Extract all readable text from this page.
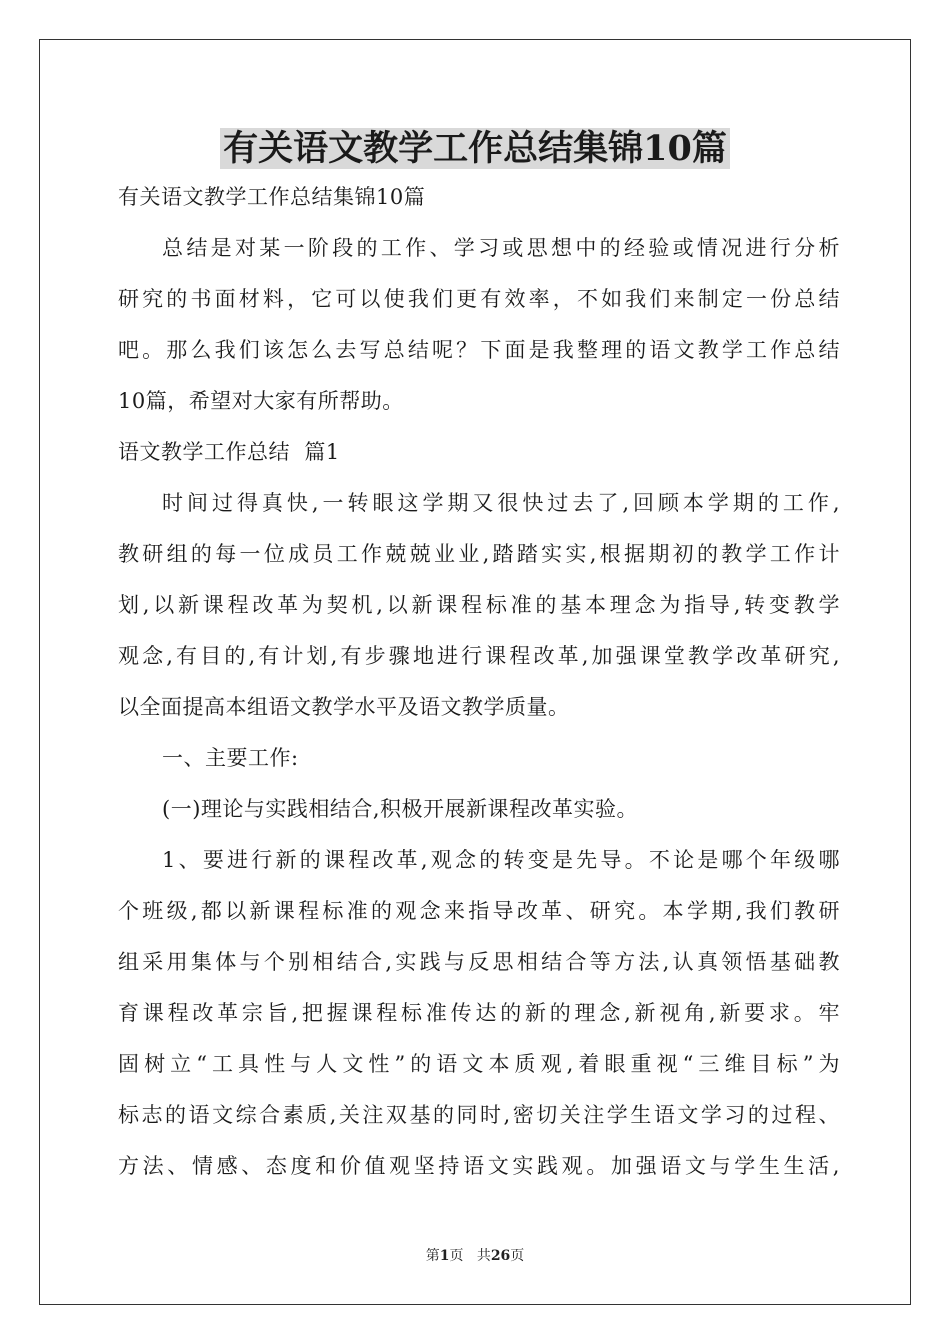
有关语文教学工作总结集锦10篇
有关语文教学工作总结集锦10篇
总结是对某一阶段的工作、学习或思想中的经验或情况进行分析
研究的书面材料，它可以使我们更有效率，不如我们来制定一份总结
吧。那么我们该怎么去写总结呢？下面是我整理的语文教学工作总结
10篇，希望对大家有所帮助。
语文教学工作总结  篇1
时间过得真快,一转眼这学期又很快过去了,回顾本学期的工作,
教研组的每一位成员工作兢兢业业,踏踏实实,根据期初的教学工作计
划,以新课程改革为契机,以新课程标准的基本理念为指导,转变教学
观念,有目的,有计划,有步骤地进行课程改革,加强课堂教学改革研究,
以全面提高本组语文教学水平及语文教学质量。
一、主要工作:
(一)理论与实践相结合,积极开展新课程改革实验。
1、要进行新的课程改革,观念的转变是先导。不论是哪个年级哪
个班级,都以新课程标准的观念来指导改革、研究。本学期,我们教研
组采用集体与个别相结合,实践与反思相结合等方法,认真领悟基础教
育课程改革宗旨,把握课程标准传达的新的理念,新视角,新要求。牢
固树立“工具性与人文性”的语文本质观,着眼重视“三维目标”为
标志的语文综合素质,关注双基的同时,密切关注学生语文学习的过程、
方法、情感、态度和价值观坚持语文实践观。加强语文与学生生活,
第1页 共26页
